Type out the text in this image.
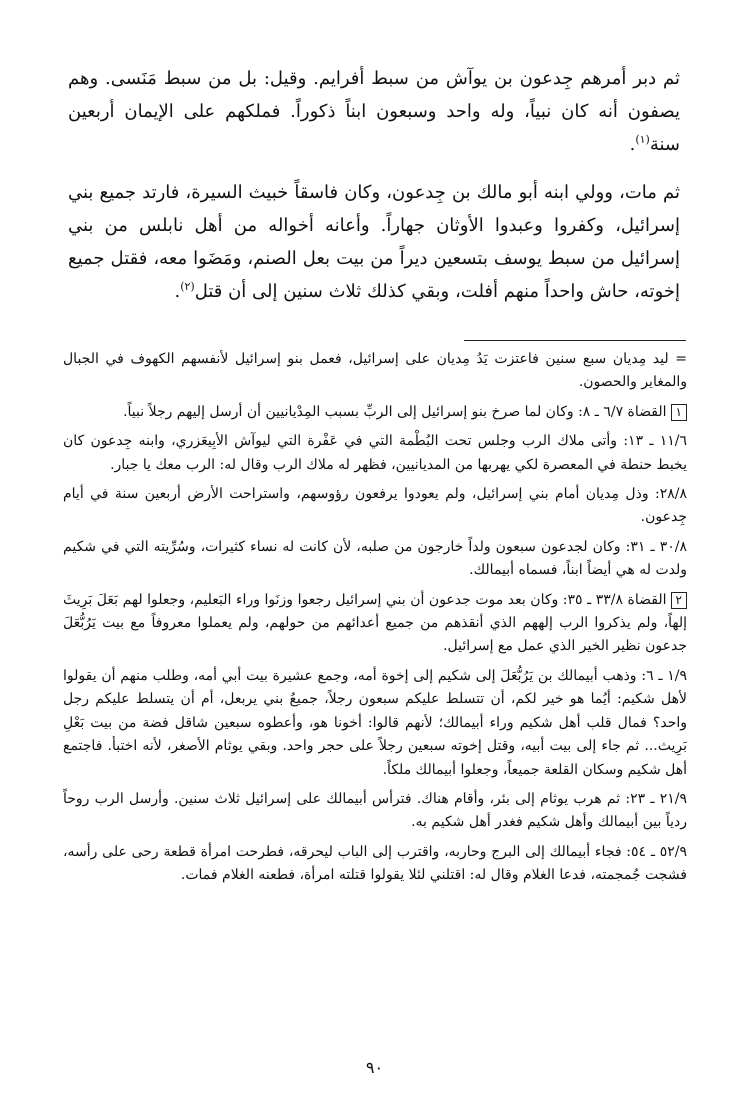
ثم دبر أمرهم جِدعون بن يوآش من سبط أفرايم. وقيل: بل من سبط مَنَسى. وهم يصفون أنه كان نبياً، وله واحد وسبعون ابناً ذكوراً. فملكهم على الإيمان أربعين سنة$^{(١)}$.

ثم مات، وولي ابنه أبو مالك بن جِدعون، وكان فاسقاً خبيث السيرة، فارتد جميع بني إسرائيل، وكفروا وعبدوا الأوثان جهاراً. وأعانه أخواله من أهل نابلس من بني إسرائيل من سبط يوسف بتسعين ديراً من بيت بعل الصنم، ومَضَوا معه، فقتل جميع إخوته، حاش واحداً منهم أفلت، وبقي كذلك ثلاث سنين إلى أن قتل$^{(٢)}$.

= ليد مِديان سبع سنين فاعتزت يَدُ مِديان على إسرائيل، فعمل بنو إسرائيل لأنفسهم الكهوف في الجبال والمغاير والحصون.

١القضاة ٦/٧ ـ ٨: وكان لما صرخ بنو إسرائيل إلى الربِّ بسبب المِدْيانيين أن أرسل إليهم رجلاً نبياً.

١١/٦ ـ ١٣: وأتى ملاك الرب وجلس تحت البُطْمة التي في عَفْرة التي ليوآش الأبِيعَزري، وابنه جِدعون كان يخبط حنطة في المعصرة لكي يهربها من المديانيين، فظهر له ملاك الرب وقال له: الرب معك يا جبار.

٢٨/٨: وذل مِديان أمام بني إسرائيل، ولم يعودوا يرفعون رؤوسهم، واستراحت الأرض أربعين سنة في أيام جِدعون.

٣٠/٨ ـ ٣١: وكان لجدعون سبعون ولداً خارجون من صلبه، لأن كانت له نساء كثيرات، وسُرِّيته التي في شكيم ولدت له هي أيضاً ابناً، فسماه أبيمالك.

٢القضاة ٣٣/٨ ـ ٣٥: وكان بعد موت جدعون أن بني إسرائيل رجعوا وزنَوا وراء البَعليم، وجعلوا لهم بَعَلَ بَرِيثَ إلهاً، ولم يذكروا الرب إلههم الذي أنقذهم من جميع أعدائهم من حولهم، ولم يعملوا معروفاً مع بيت يَرُبُّعَلَ جدعون نظير الخير الذي عمل مع إسرائيل.

١/٩ ـ ٦: وذهب أبيمالك بن يَرُبُّعَلَ إلى شكيم إلى إخوة أمه، وجمع عشيرة بيت أبي أمه، وطلب منهم أن يقولوا لأهل شكيم: أيُما هو خير لكم، أن تتسلط عليكم سبعون رجلاً، جميعُ بني يربعل، أم أن يتسلط عليكم رجل واحد؟ فمال قلب أهل شكيم وراء أبيمالك؛ لأنهم قالوا: أخونا هو، وأعطوه سبعين شاقل فضة من بيت بَعْلِ بَرِيث... ثم جاء إلى بيت أبيه، وقتل إخوته سبعين رجلاً على حجر واحد. وبقي يوثام الأصغر، لأنه اختبأ. فاجتمع أهل شكيم وسكان القلعة جميعاً، وجعلوا أبيمالك ملكاً.

٢١/٩ ـ ٢٣: ثم هرب يوثام إلى بئر، وأقام هناك. فترأس أبيمالك على إسرائيل ثلاث سنين. وأرسل الرب روحاً ردياً بين أبيمالك وأهل شكيم فغدر أهل شكيم به.

٥٢/٩ ـ ٥٤: فجاء أبيمالك إلى البرج وحاربه، واقترب إلى الباب ليحرقه، فطرحت امرأة قطعة رحى على رأسه، فشجت جُمجمته، فدعا الغلام وقال له: اقتلني لئلا يقولوا قتلته امرأة، فطعنه الغلام فمات.

٩٠
